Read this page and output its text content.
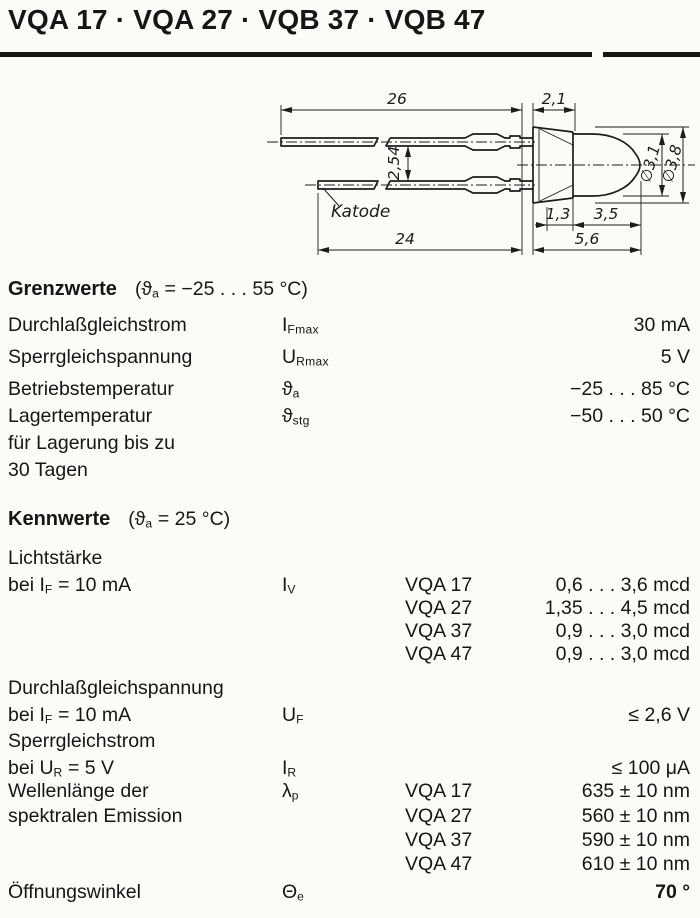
VQA 17 · VQA 27 · VQB 37 · VQB 47
26	2,1
2,54
24
1,3 3,5
5,6
∅3,1
∅3,8
Katode
Grenzwerte ($ϑ_a = -25$ . . . 55 °C)
Durchlaßgleichstrom	$I_{Fmax}$	30 mA
Sperrgleichspannung	$U_{Rmax}$	5 V
Betriebstemperatur	$ϑ_a$	−25 . . . 85 °C
Lagertemperatur	$ϑ_{stg}$	−50 . . . 50 °C
für Lagerung bis zu
30 Tagen
Kennwerte ($ϑ_a = 25$ °C)
Lichtstärke
bei $I_F = 10$ mA	$I_V$	VQA 17	0,6 . . . 3,6 mcd
VQA 27	1,35 . . . 4,5 mcd
VQA 37	0,9 . . . 3,0 mcd
VQA 47	0,9 . . . 3,0 mcd
Durchlaßgleichspannung
bei $I_F = 10$ mA	$U_F$	≤ 2,6 V
Sperrgleichstrom
bei $U_R = 5$ V	$I_R$	≤ 100 μA
Wellenlänge der	$\lambda_p$	VQA 17	635 ± 10 nm
spektralen Emission	VQA 27	560 ± 10 nm
VQA 37	590 ± 10 nm
VQA 47	610 ± 10 nm
Öffnungswinkel	$\Theta_e$	70 °
